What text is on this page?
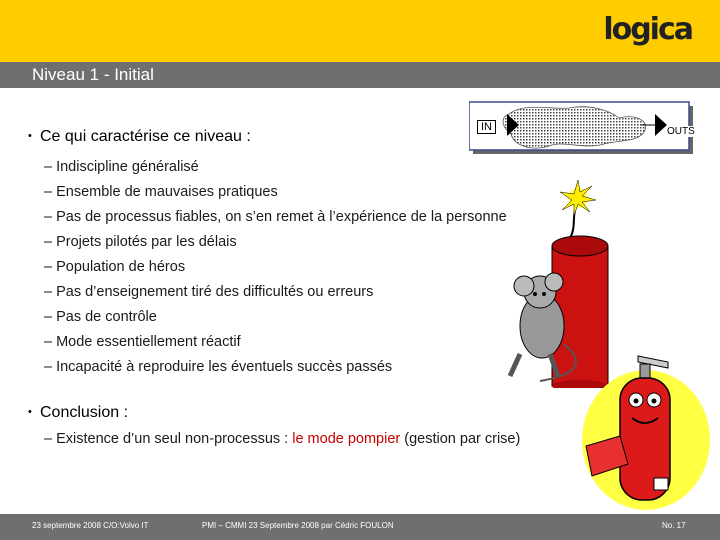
logica
Niveau 1 - Initial
IN	OUTS

• Ce qui caractérise ce niveau :

– Indiscipline généralisé

– Ensemble de mauvaises pratiques

– Pas de processus fiables, on s’en remet à l’expérience de la personne

– Projets pilotés par les délais

– Population de héros

– Pas d’enseignement tiré des difficultés ou erreurs

– Pas de contrôle

– Mode essentiellement réactif

– Incapacité à reproduire les éventuels succès passés

• Conclusion :

– Existence d’un seul non-processus : le mode pompier (gestion par crise)

23 septembre 2008 C/O:Volvo IT	PMI – CMMI 23 Septembre 2008 par Cédric FOULON	No. 17
